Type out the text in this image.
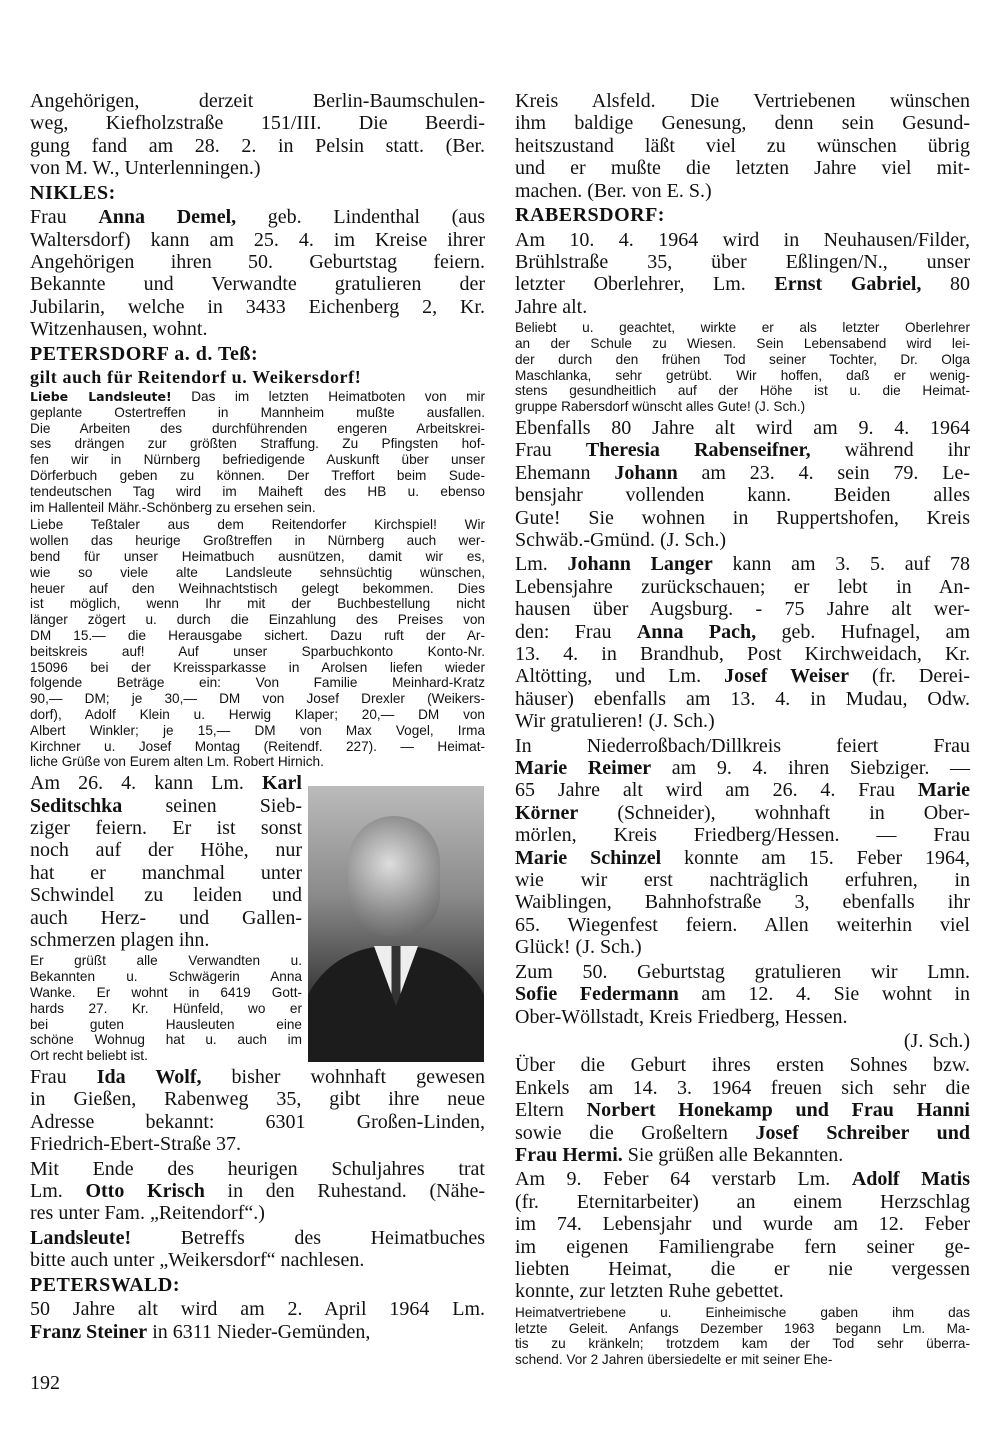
Angehörigen, derzeit Berlin-Baumschulen-
weg, Kiefholzstraße 151/III. Die Beerdi-
gung fand am 28. 2. in Pelsin statt. (Ber.
von M. W., Unterlenningen.)
NIKLES:
Frau Anna Demel, geb. Lindenthal (aus
Waltersdorf) kann am 25. 4. im Kreise ihrer
Angehörigen ihren 50. Geburtstag feiern.
Bekannte und Verwandte gratulieren der
Jubilarin, welche in 3433 Eichenberg 2, Kr.
Witzenhausen, wohnt.
PETERSDORF a. d. Teß:
gilt auch für Reitendorf u. Weikersdorf!
Liebe Landsleute! Das im letzten Heimatboten von mir
geplante Ostertreffen in Mannheim mußte ausfallen.
Die Arbeiten des durchführenden engeren Arbeitskrei-
ses drängen zur größten Straffung. Zu Pfingsten hof-
fen wir in Nürnberg befriedigende Auskunft über unser
Dörferbuch geben zu können. Der Treffort beim Sude-
tendeutschen Tag wird im Maiheft des HB u. ebenso
im Hallenteil Mähr.-Schönberg zu ersehen sein.
Liebe Teßtaler aus dem Reitendorfer Kirchspiel! Wir
wollen das heurige Großtreffen in Nürnberg auch wer-
bend für unser Heimatbuch ausnützen, damit wir es,
wie so viele alte Landsleute sehnsüchtig wünschen,
heuer auf den Weihnachtstisch gelegt bekommen. Dies
ist möglich, wenn Ihr mit der Buchbestellung nicht
länger zögert u. durch die Einzahlung des Preises von
DM 15.— die Herausgabe sichert. Dazu ruft der Ar-
beitskreis auf! Auf unser Sparbuchkonto Konto-Nr.
15096 bei der Kreissparkasse in Arolsen liefen wieder
folgende Beträge ein: Von Familie Meinhard-Kratz
90,— DM; je 30,— DM von Josef Drexler (Weikers-
dorf), Adolf Klein u. Herwig Klaper; 20,— DM von
Albert Winkler; je 15,— DM von Max Vogel, Irma
Kirchner u. Josef Montag (Reitendf. 227). — Heimat-
liche Grüße von Eurem alten Lm. Robert Hirnich.
Am 26. 4. kann Lm. Karl
Seditschka seinen Sieb-
ziger feiern. Er ist sonst
noch auf der Höhe, nur
hat er manchmal unter
Schwindel zu leiden und
auch Herz- und Gallen-
schmerzen plagen ihn.
Er grüßt alle Verwandten u.
Bekannten u. Schwägerin Anna
Wanke. Er wohnt in 6419 Gott-
hards 27. Kr. Hünfeld, wo er
bei guten Hausleuten eine
schöne Wohnug hat u. auch im
Ort recht beliebt ist.
Frau Ida Wolf, bisher wohnhaft gewesen
in Gießen, Rabenweg 35, gibt ihre neue
Adresse bekannt: 6301 Großen-Linden,
Friedrich-Ebert-Straße 37.
Mit Ende des heurigen Schuljahres trat
Lm. Otto Krisch in den Ruhestand. (Nähe-
res unter Fam. „Reitendorf“.)
Landsleute! Betreffs des Heimatbuches
bitte auch unter „Weikersdorf“ nachlesen.
PETERSWALD:
50 Jahre alt wird am 2. April 1964 Lm.
Franz Steiner in 6311 Nieder-Gemünden,
Kreis Alsfeld. Die Vertriebenen wünschen
ihm baldige Genesung, denn sein Gesund-
heitszustand läßt viel zu wünschen übrig
und er mußte die letzten Jahre viel mit-
machen. (Ber. von E. S.)
RABERSDORF:
Am 10. 4. 1964 wird in Neuhausen/Filder,
Brühlstraße 35, über Eßlingen/N., unser
letzter Oberlehrer, Lm. Ernst Gabriel, 80
Jahre alt.
Beliebt u. geachtet, wirkte er als letzter Oberlehrer
an der Schule zu Wiesen. Sein Lebensabend wird lei-
der durch den frühen Tod seiner Tochter, Dr. Olga
Maschlanka, sehr getrübt. Wir hoffen, daß er wenig-
stens gesundheitlich auf der Höhe ist u. die Heimat-
gruppe Rabersdorf wünscht alles Gute! (J. Sch.)
Ebenfalls 80 Jahre alt wird am 9. 4. 1964
Frau Theresia Rabenseifner, während ihr
Ehemann Johann am 23. 4. sein 79. Le-
bensjahr vollenden kann. Beiden alles
Gute! Sie wohnen in Ruppertshofen, Kreis
Schwäb.-Gmünd. (J. Sch.)
Lm. Johann Langer kann am 3. 5. auf 78
Lebensjahre zurückschauen; er lebt in An-
hausen über Augsburg. - 75 Jahre alt wer-
den: Frau Anna Pach, geb. Hufnagel, am
13. 4. in Brandhub, Post Kirchweidach, Kr.
Altötting, und Lm. Josef Weiser (fr. Derei-
häuser) ebenfalls am 13. 4. in Mudau, Odw.
Wir gratulieren! (J. Sch.)
In Niederroßbach/Dillkreis feiert Frau
Marie Reimer am 9. 4. ihren Siebziger. —
65 Jahre alt wird am 26. 4. Frau Marie
Körner (Schneider), wohnhaft in Ober-
mörlen, Kreis Friedberg/Hessen. — Frau
Marie Schinzel konnte am 15. Feber 1964,
wie wir erst nachträglich erfuhren, in
Waiblingen, Bahnhofstraße 3, ebenfalls ihr
65. Wiegenfest feiern. Allen weiterhin viel
Glück! (J. Sch.)
Zum 50. Geburtstag gratulieren wir Lmn.
Sofie Federmann am 12. 4. Sie wohnt in
Ober-Wöllstadt, Kreis Friedberg, Hessen.
(J. Sch.)
Über die Geburt ihres ersten Sohnes bzw.
Enkels am 14. 3. 1964 freuen sich sehr die
Eltern Norbert Honekamp und Frau Hanni
sowie die Großeltern Josef Schreiber und
Frau Hermi. Sie grüßen alle Bekannten.
Am 9. Feber 64 verstarb Lm. Adolf Matis
(fr. Eternitarbeiter) an einem Herzschlag
im 74. Lebensjahr und wurde am 12. Feber
im eigenen Familiengrabe fern seiner ge-
liebten Heimat, die er nie vergessen
konnte, zur letzten Ruhe gebettet.
Heimatvertriebene u. Einheimische gaben ihm das
letzte Geleit. Anfangs Dezember 1963 begann Lm. Ma-
tis zu kränkeln; trotzdem kam der Tod sehr überra-
schend. Vor 2 Jahren übersiedelte er mit seiner Ehe-
192
